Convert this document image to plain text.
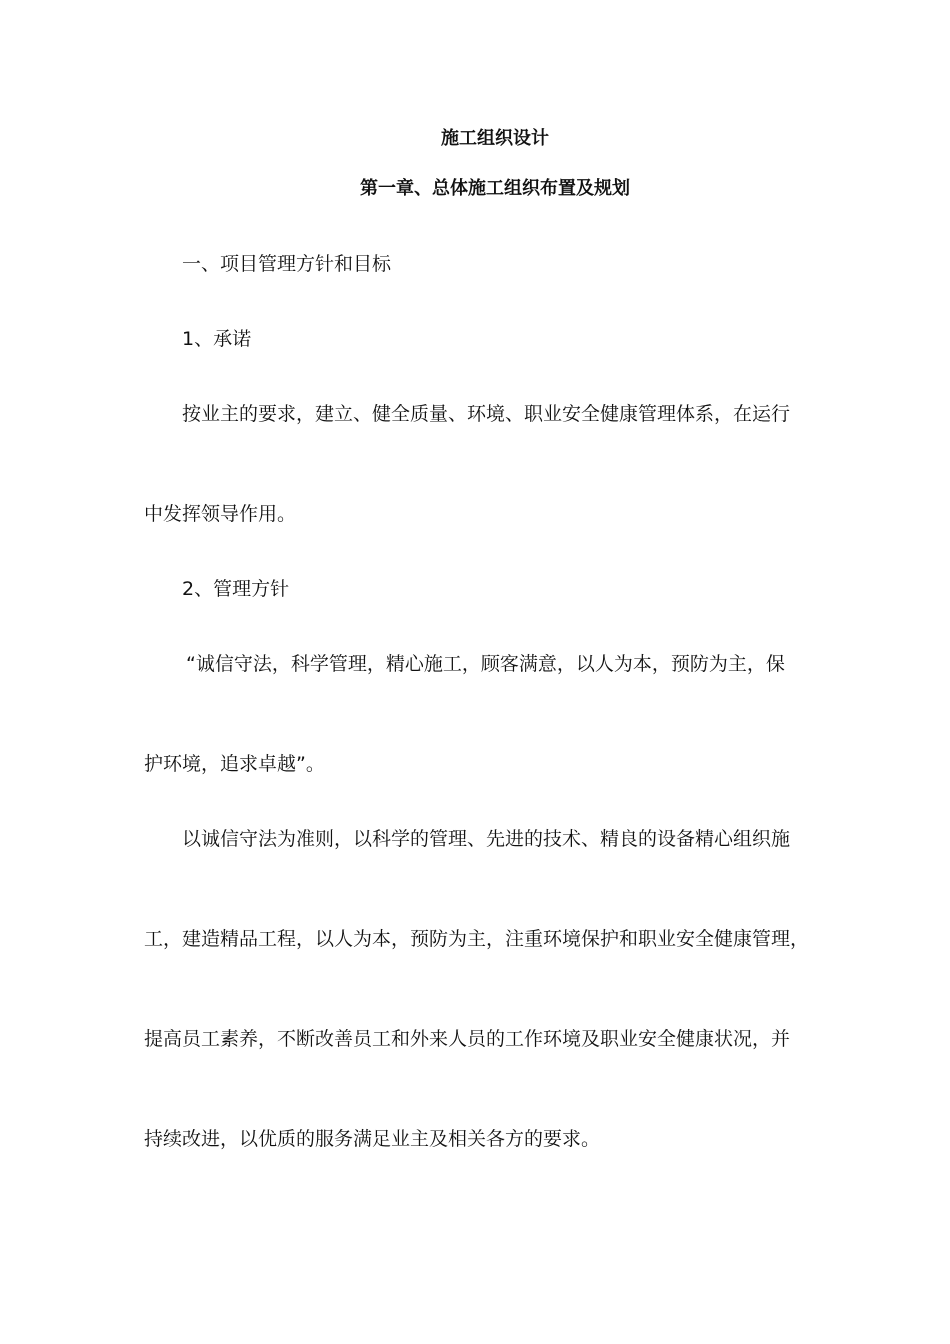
施工组织设计
第一章、总体施工组织布置及规划
一、项目管理方针和目标
1、承诺
按业主的要求，建立、健全质量、环境、职业安全健康管理体系，在运行
中发挥领导作用。
2、管理方针
“诚信守法，科学管理，精心施工，顾客满意，以人为本，预防为主，保
护环境，追求卓越”。
以诚信守法为准则，以科学的管理、先进的技术、精良的设备精心组织施
工，建造精品工程，以人为本，预防为主，注重环境保护和职业安全健康管理，
提高员工素养，不断改善员工和外来人员的工作环境及职业安全健康状况，并
持续改进，以优质的服务满足业主及相关各方的要求。
